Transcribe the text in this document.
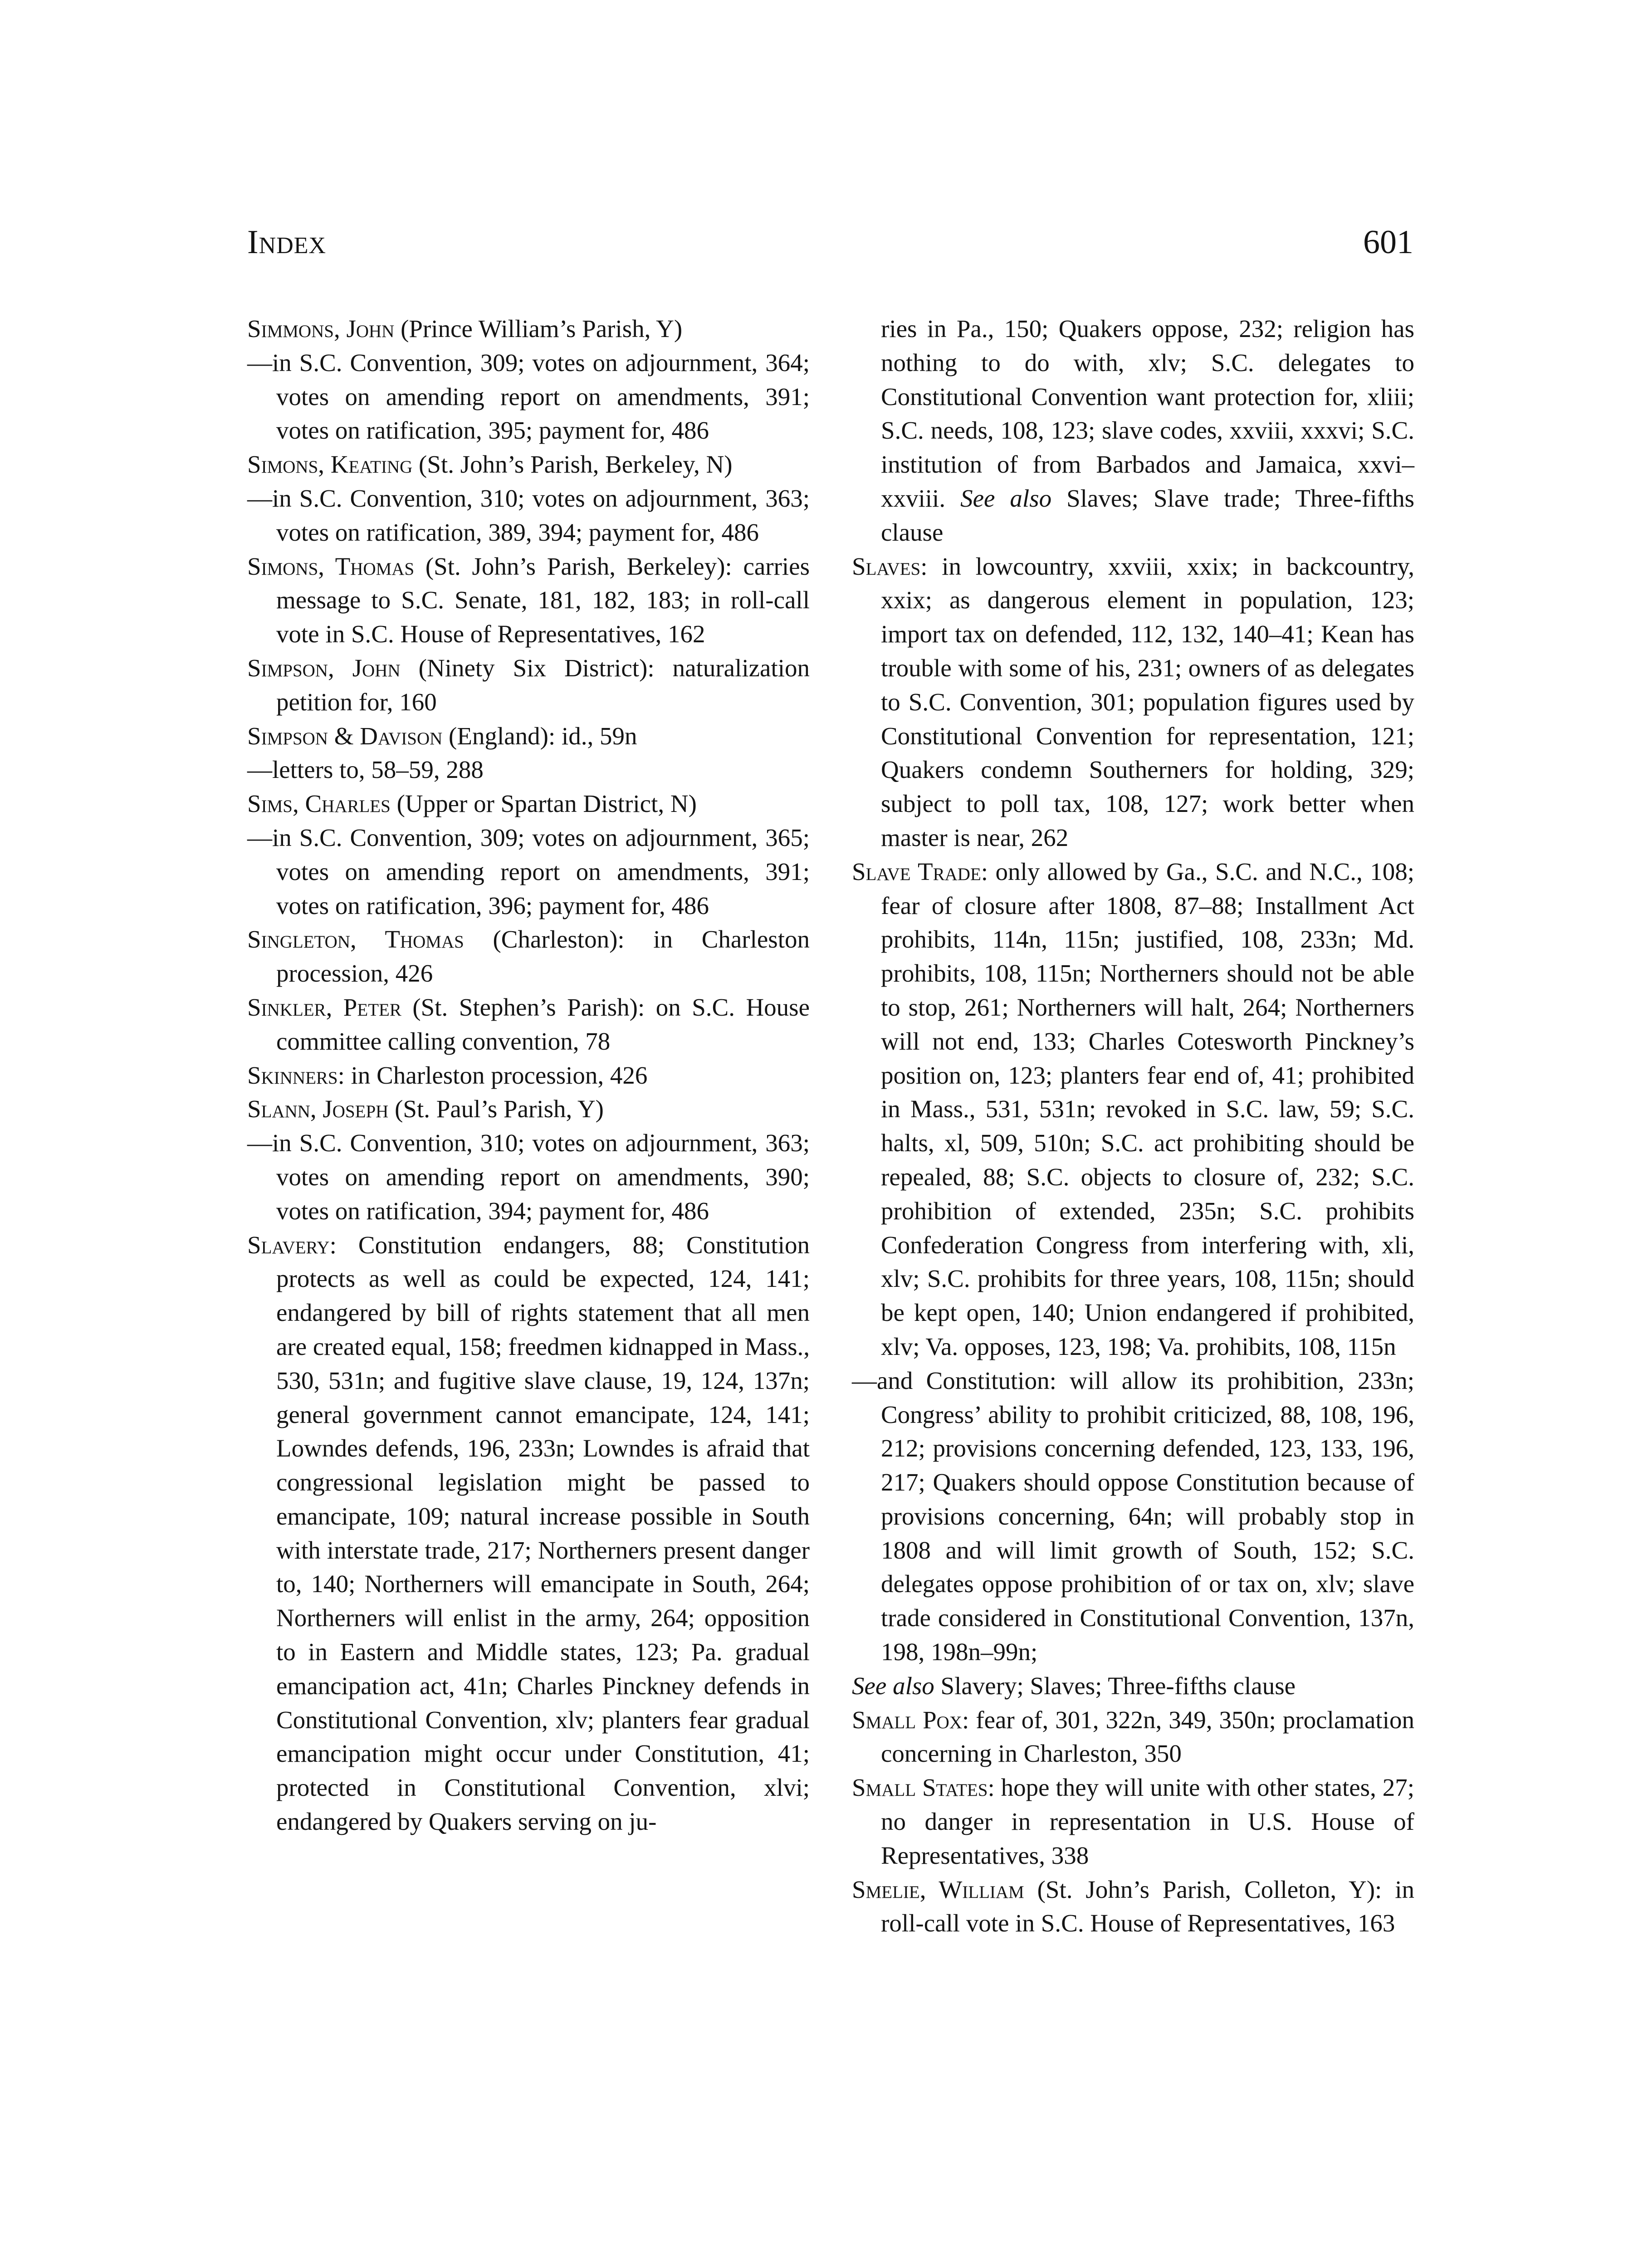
Index	601

Simmons, John (Prince William’s Parish, Y)

—in S.C. Convention, 309; votes on adjournment, 364; votes on amending report on amendments, 391; votes on ratification, 395; payment for, 486

Simons, Keating (St. John’s Parish, Berkeley, N)

—in S.C. Convention, 310; votes on adjournment, 363; votes on ratification, 389, 394; payment for, 486

Simons, Thomas (St. John’s Parish, Berkeley): carries message to S.C. Senate, 181, 182, 183; in roll-call vote in S.C. House of Representatives, 162

Simpson, John (Ninety Six District): naturalization petition for, 160

Simpson & Davison (England): id., 59n

—letters to, 58–59, 288

Sims, Charles (Upper or Spartan District, N)

—in S.C. Convention, 309; votes on adjournment, 365; votes on amending report on amendments, 391; votes on ratification, 396; payment for, 486

Singleton, Thomas (Charleston): in Charleston procession, 426

Sinkler, Peter (St. Stephen’s Parish): on S.C. House committee calling convention, 78

Skinners: in Charleston procession, 426

Slann, Joseph (St. Paul’s Parish, Y)

—in S.C. Convention, 310; votes on adjournment, 363; votes on amending report on amendments, 390; votes on ratification, 394; payment for, 486

Slavery: Constitution endangers, 88; Constitution protects as well as could be expected, 124, 141; endangered by bill of rights statement that all men are created equal, 158; freedmen kidnapped in Mass., 530, 531n; and fugitive slave clause, 19, 124, 137n; general government cannot emancipate, 124, 141; Lowndes defends, 196, 233n; Lowndes is afraid that congressional legislation might be passed to emancipate, 109; natural increase possible in South with interstate trade, 217; Northerners present danger to, 140; Northerners will emancipate in South, 264; Northerners will enlist in the army, 264; opposition to in Eastern and Middle states, 123; Pa. gradual emancipation act, 41n; Charles Pinckney defends in Constitutional Convention, xlv; planters fear gradual emancipation might occur under Constitution, 41; protected in Constitutional Convention, xlvi; endangered by Quakers serving on ju-

ries in Pa., 150; Quakers oppose, 232; religion has nothing to do with, xlv; S.C. delegates to Constitutional Convention want protection for, xliii; S.C. needs, 108, 123; slave codes, xxviii, xxxvi; S.C. institution of from Barbados and Jamaica, xxvi–xxviii. See also Slaves; Slave trade; Three-fifths clause

Slaves: in lowcountry, xxviii, xxix; in backcountry, xxix; as dangerous element in population, 123; import tax on defended, 112, 132, 140–41; Kean has trouble with some of his, 231; owners of as delegates to S.C. Convention, 301; population figures used by Constitutional Convention for representation, 121; Quakers condemn Southerners for holding, 329; subject to poll tax, 108, 127; work better when master is near, 262

Slave Trade: only allowed by Ga., S.C. and N.C., 108; fear of closure after 1808, 87–88; Installment Act prohibits, 114n, 115n; justified, 108, 233n; Md. prohibits, 108, 115n; Northerners should not be able to stop, 261; Northerners will halt, 264; Northerners will not end, 133; Charles Cotesworth Pinckney’s position on, 123; planters fear end of, 41; prohibited in Mass., 531, 531n; revoked in S.C. law, 59; S.C. halts, xl, 509, 510n; S.C. act prohibiting should be repealed, 88; S.C. objects to closure of, 232; S.C. prohibition of extended, 235n; S.C. prohibits Confederation Congress from interfering with, xli, xlv; S.C. prohibits for three years, 108, 115n; should be kept open, 140; Union endangered if prohibited, xlv; Va. opposes, 123, 198; Va. prohibits, 108, 115n

—and Constitution: will allow its prohibition, 233n; Congress’ ability to prohibit criticized, 88, 108, 196, 212; provisions concerning defended, 123, 133, 196, 217; Quakers should oppose Constitution because of provisions concerning, 64n; will probably stop in 1808 and will limit growth of South, 152; S.C. delegates oppose prohibition of or tax on, xlv; slave trade considered in Constitutional Convention, 137n, 198, 198n–99n;

See also Slavery; Slaves; Three-fifths clause

Small Pox: fear of, 301, 322n, 349, 350n; proclamation concerning in Charleston, 350

Small States: hope they will unite with other states, 27; no danger in representation in U.S. House of Representatives, 338

Smelie, William (St. John’s Parish, Colleton, Y): in roll-call vote in S.C. House of Representatives, 163
